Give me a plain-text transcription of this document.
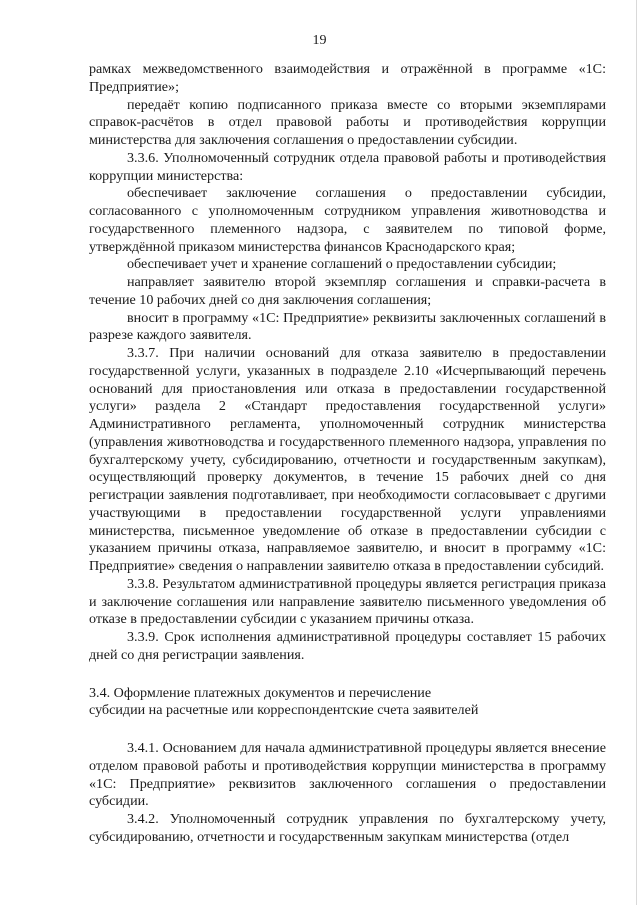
19

рамках межведомственного взаимодействия и отражённой в программе «1С: Предприятие»;

передаёт копию подписанного приказа вместе со вторыми экземплярами справок-расчётов в отдел правовой работы и противодействия коррупции министерства для заключения соглашения о предоставлении субсидии.

3.3.6. Уполномоченный сотрудник отдела правовой работы и противодействия коррупции министерства:

обеспечивает заключение соглашения о предоставлении субсидии, согласованного с уполномоченным сотрудником управления животноводства и государственного племенного надзора, с заявителем по типовой форме, утверждённой приказом министерства финансов Краснодарского края;

обеспечивает учет и хранение соглашений о предоставлении субсидии;

направляет заявителю второй экземпляр соглашения и справки-расчета в течение 10 рабочих дней со дня заключения соглашения;

вносит в программу «1С: Предприятие» реквизиты заключенных соглашений в разрезе каждого заявителя.

3.3.7. При наличии оснований для отказа заявителю в предоставлении государственной услуги, указанных в подразделе 2.10 «Исчерпывающий перечень оснований для приостановления или отказа в предоставлении государственной услуги» раздела 2 «Стандарт предоставления государственной услуги» Административного регламента, уполномоченный сотрудник министерства (управления животноводства и государственного племенного надзора, управления по бухгалтерскому учету, субсидированию, отчетности и государственным закупкам), осуществляющий проверку документов, в течение 15 рабочих дней со дня регистрации заявления подготавливает, при необходимости согласовывает с другими участвующими в предоставлении государственной услуги управлениями министерства, письменное уведомление об отказе в предоставлении субсидии с указанием причины отказа, направляемое заявителю, и вносит в программу «1С: Предприятие» сведения о направлении заявителю отказа в предоставлении субсидий.

3.3.8. Результатом административной процедуры является регистрация приказа и заключение соглашения или направление заявителю письменного уведомления об отказе в предоставлении субсидии с указанием причины отказа.

3.3.9. Срок исполнения административной процедуры составляет 15 рабочих дней со дня регистрации заявления.

3.4. Оформление платежных документов и перечисление

субсидии на расчетные или корреспондентские счета заявителей

3.4.1. Основанием для начала административной процедуры является внесение отделом правовой работы и противодействия коррупции министерства в программу «1С: Предприятие» реквизитов заключенного соглашения о предоставлении субсидии.

3.4.2. Уполномоченный сотрудник управления по бухгалтерскому учету, субсидированию, отчетности и государственным закупкам министерства (отдел
